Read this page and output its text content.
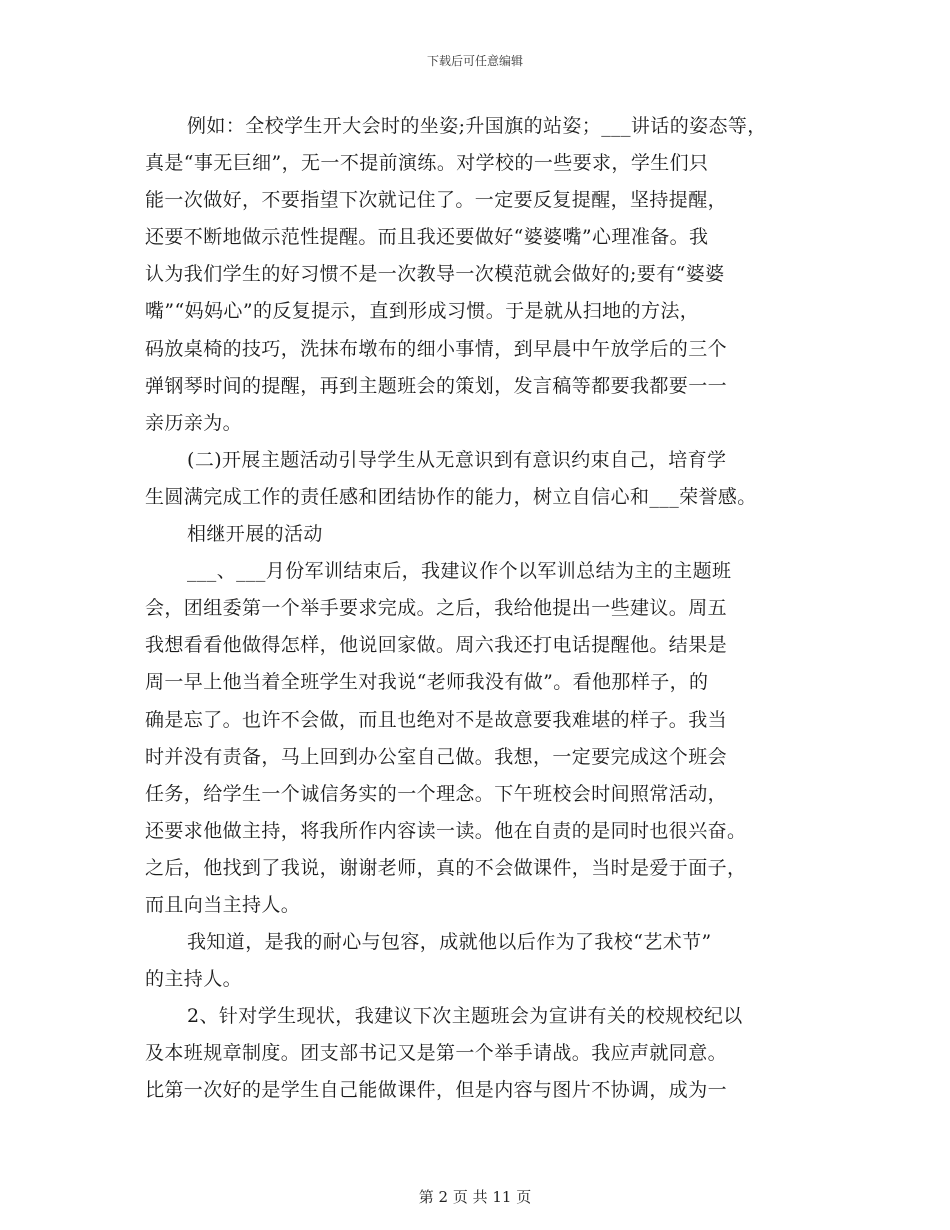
下载后可任意编辑
例如：全校学生开大会时的坐姿;升国旗的站姿；___讲话的姿态等，
真是“事无巨细”，无一不提前演练。对学校的一些要求，学生们只
能一次做好，不要指望下次就记住了。一定要反复提醒，坚持提醒，
还要不断地做示范性提醒。而且我还要做好“婆婆嘴”心理准备。我
认为我们学生的好习惯不是一次教导一次模范就会做好的;要有“婆婆
嘴”“妈妈心”的反复提示，直到形成习惯。于是就从扫地的方法，
码放桌椅的技巧，洗抹布墩布的细小事情，到早晨中午放学后的三个
弹钢琴时间的提醒，再到主题班会的策划，发言稿等都要我都要一一
亲历亲为。
(二)开展主题活动引导学生从无意识到有意识约束自己，培育学
生圆满完成工作的责任感和团结协作的能力，树立自信心和___荣誉感。
相继开展的活动
___、___月份军训结束后，我建议作个以军训总结为主的主题班
会，团组委第一个举手要求完成。之后，我给他提出一些建议。周五
我想看看他做得怎样，他说回家做。周六我还打电话提醒他。结果是
周一早上他当着全班学生对我说“老师我没有做”。看他那样子，的
确是忘了。也许不会做，而且也绝对不是故意要我难堪的样子。我当
时并没有责备，马上回到办公室自己做。我想，一定要完成这个班会
任务，给学生一个诚信务实的一个理念。下午班校会时间照常活动，
还要求他做主持，将我所作内容读一读。他在自责的是同时也很兴奋。
之后，他找到了我说，谢谢老师，真的不会做课件，当时是爱于面子，
而且向当主持人。
我知道，是我的耐心与包容，成就他以后作为了我校“艺术节”
的主持人。
2、针对学生现状，我建议下次主题班会为宣讲有关的校规校纪以
及本班规章制度。团支部书记又是第一个举手请战。我应声就同意。
比第一次好的是学生自己能做课件，但是内容与图片不协调，成为一
第 2 页 共 11 页
